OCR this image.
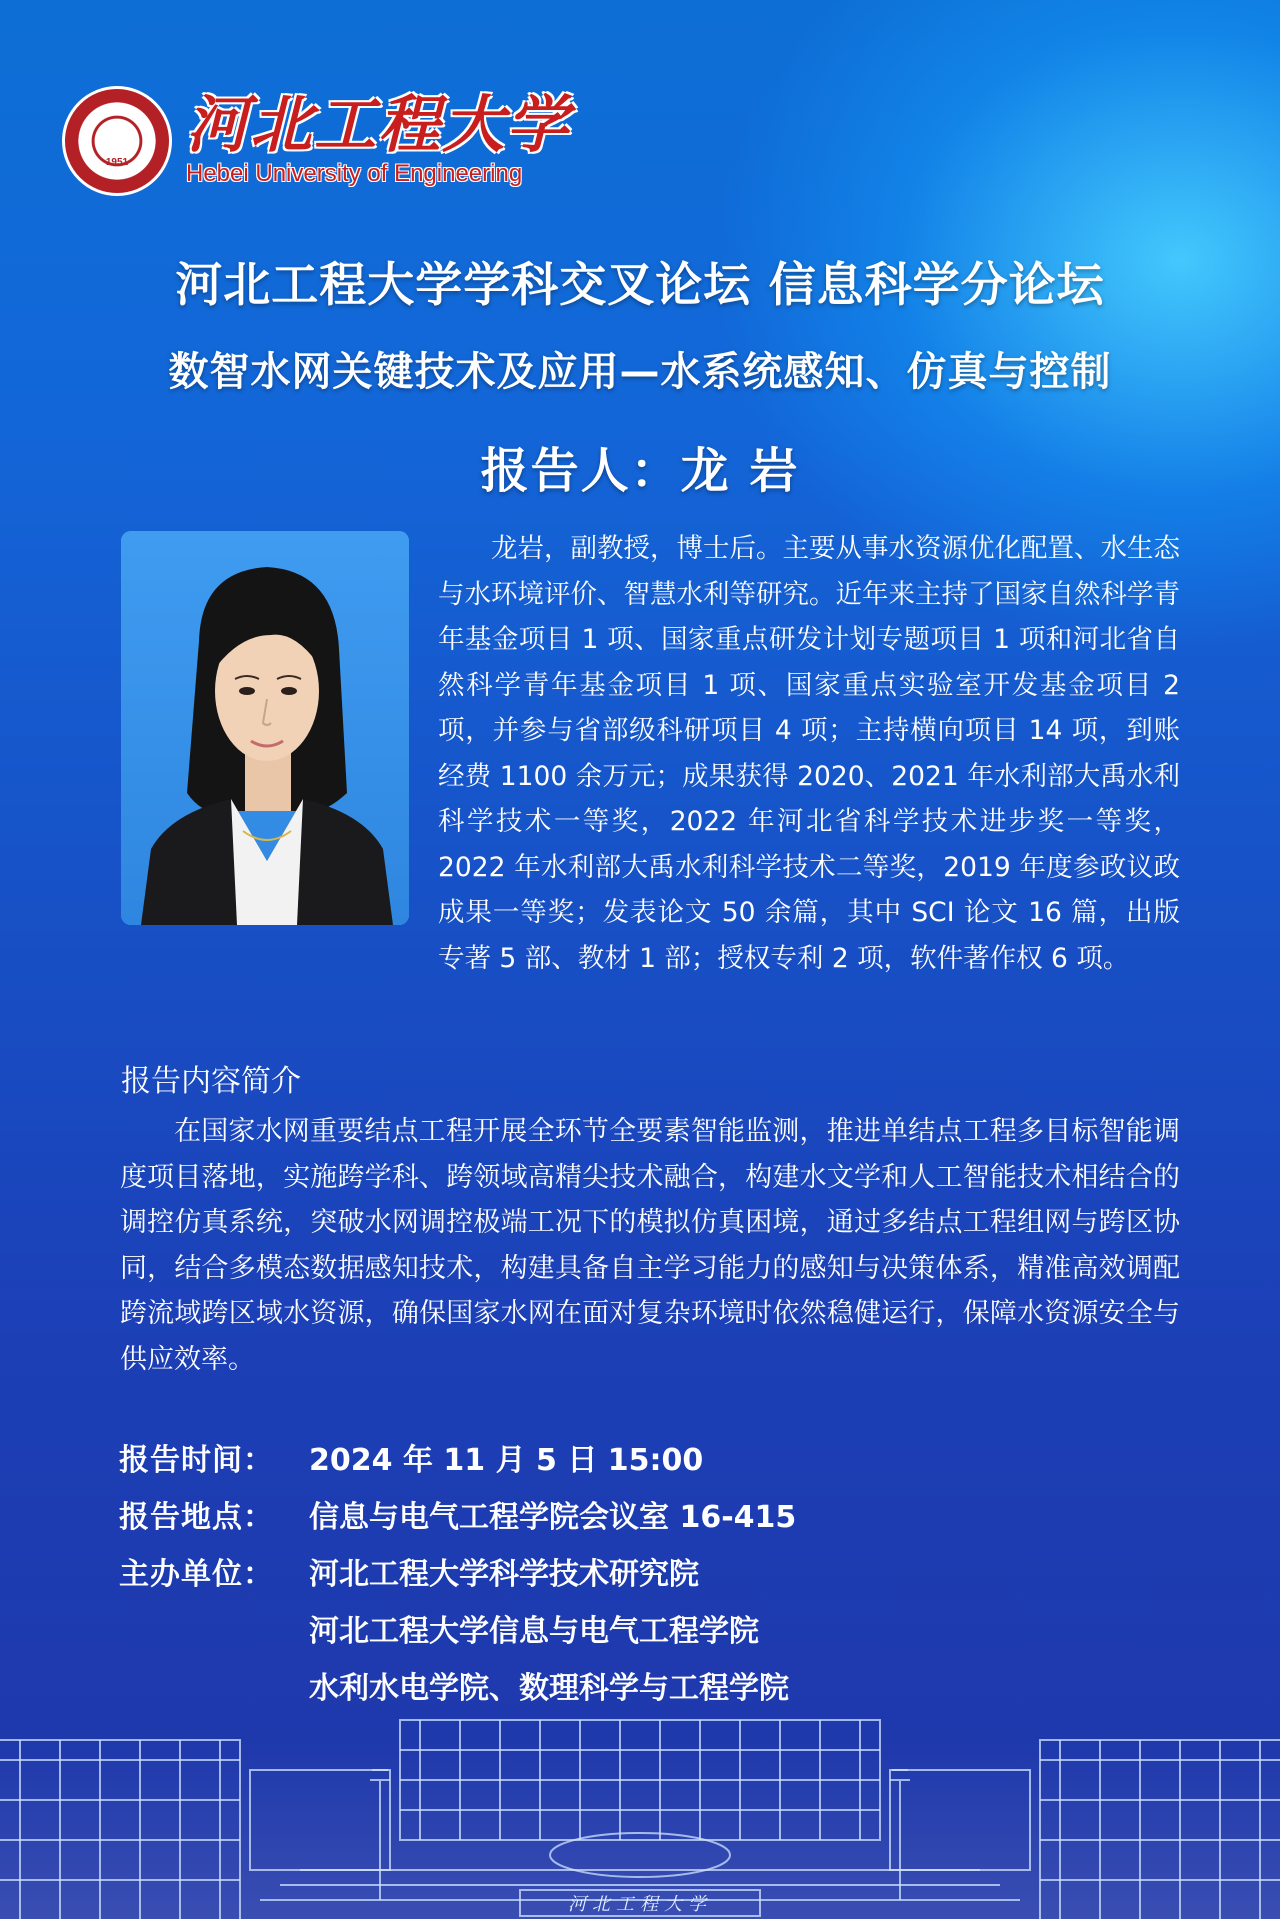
1951
河北工程大学
Hebei University of Engineering
河北工程大学学科交叉论坛 信息科学分论坛
数智水网关键技术及应用—水系统感知、仿真与控制
报告人：龙 岩

龙岩，副教授，博士后。主要从事水资源优化配置、水生态与水环境评价、智慧水利等研究。近年来主持了国家自然科学青年基金项目 1 项、国家重点研发计划专题项目 1 项和河北省自然科学青年基金项目 1 项、国家重点实验室开发基金项目 2 项，并参与省部级科研项目 4 项；主持横向项目 14 项，到账经费 1100 余万元；成果获得 2020、2021 年水利部大禹水利科学技术一等奖，2022 年河北省科学技术进步奖一等奖，2022 年水利部大禹水利科学技术二等奖，2019 年度参政议政成果一等奖；发表论文 50 余篇，其中 SCI 论文 16 篇，出版专著 5 部、教材 1 部；授权专利 2 项，软件著作权 6 项。

报告内容简介

在国家水网重要结点工程开展全环节全要素智能监测，推进单结点工程多目标智能调度项目落地，实施跨学科、跨领域高精尖技术融合，构建水文学和人工智能技术相结合的调控仿真系统，突破水网调控极端工况下的模拟仿真困境，通过多结点工程组网与跨区协同，结合多模态数据感知技术，构建具备自主学习能力的感知与决策体系，精准高效调配跨流域跨区域水资源，确保国家水网在面对复杂环境时依然稳健运行，保障水资源安全与供应效率。

报告时间：	2024 年 11 月 5 日 15:00
报告地点：	信息与电气工程学院会议室 16-415
主办单位：	河北工程大学科学技术研究院
河北工程大学信息与电气工程学院
水利水电学院、数理科学与工程学院
河北工程大学
